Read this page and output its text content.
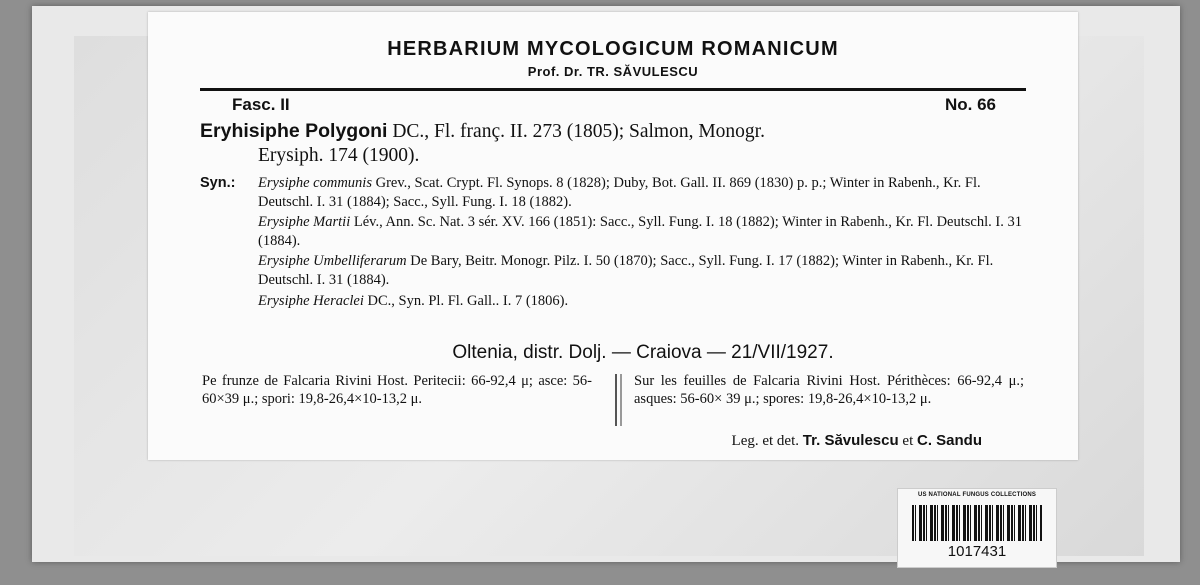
HERBARIUM MYCOLOGICUM ROMANICUM
Prof. Dr. TR. SĂVULESCU
Fasc. II	No. 66
Eryhisiphe Polygoni DC., Fl. franç. II. 273 (1805); Salmon, Monogr.
Erysiph. 174 (1900).
Syn.: Erysiphe communis Grev., Scat. Crypt. Fl. Synops. 8 (1828); Duby, Bot. Gall. II. 869 (1830) p. p.; Winter in Rabenh., Kr. Fl. Deutschl. I. 31 (1884); Sacc., Syll. Fung. I. 18 (1882).

Erysiphe Martii Lév., Ann. Sc. Nat. 3 sér. XV. 166 (1851): Sacc., Syll. Fung. I. 18 (1882); Winter in Rabenh., Kr. Fl. Deutschl. I. 31 (1884).

Erysiphe Umbelliferarum De Bary, Beitr. Monogr. Pilz. I. 50 (1870); Sacc., Syll. Fung. I. 17 (1882); Winter in Rabenh., Kr. Fl. Deutschl. I. 31 (1884).

Erysiphe Heraclei DC., Syn. Pl. Fl. Gall.. I. 7 (1806).

Oltenia, distr. Dolj. — Craiova — 21/VII/1927.
Pe frunze de Falcaria Rivini Host. Peritecii: 66-92,4 μ; asce: 56-60×39 μ.; spori: 19,8-26,4×10-13,2 μ.
Sur les feuilles de Falcaria Rivini Host. Périthèces: 66-92,4 μ.; asques: 56-60× 39 μ.; spores: 19,8-26,4×10-13,2 μ.
Leg. et det. Tr. Săvulescu et C. Sandu
US NATIONAL FUNGUS COLLECTIONS
1017431
